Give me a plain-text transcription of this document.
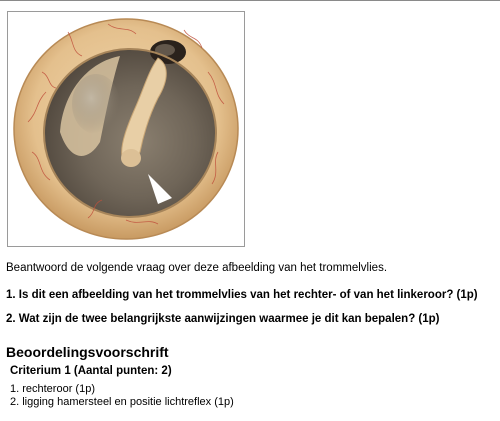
Beantwoord de volgende vraag over deze afbeelding van het trommelvlies.
1. Is dit een afbeelding van het trommelvlies van het rechter- of van het linkeroor? (1p)
2. Wat zijn de twee belangrijkste aanwijzingen waarmee je dit kan bepalen? (1p)
Beoordelingsvoorschrift
Criterium 1 (Aantal punten: 2)
1. rechteroor (1p)
2. ligging hamersteel en positie lichtreflex (1p)
